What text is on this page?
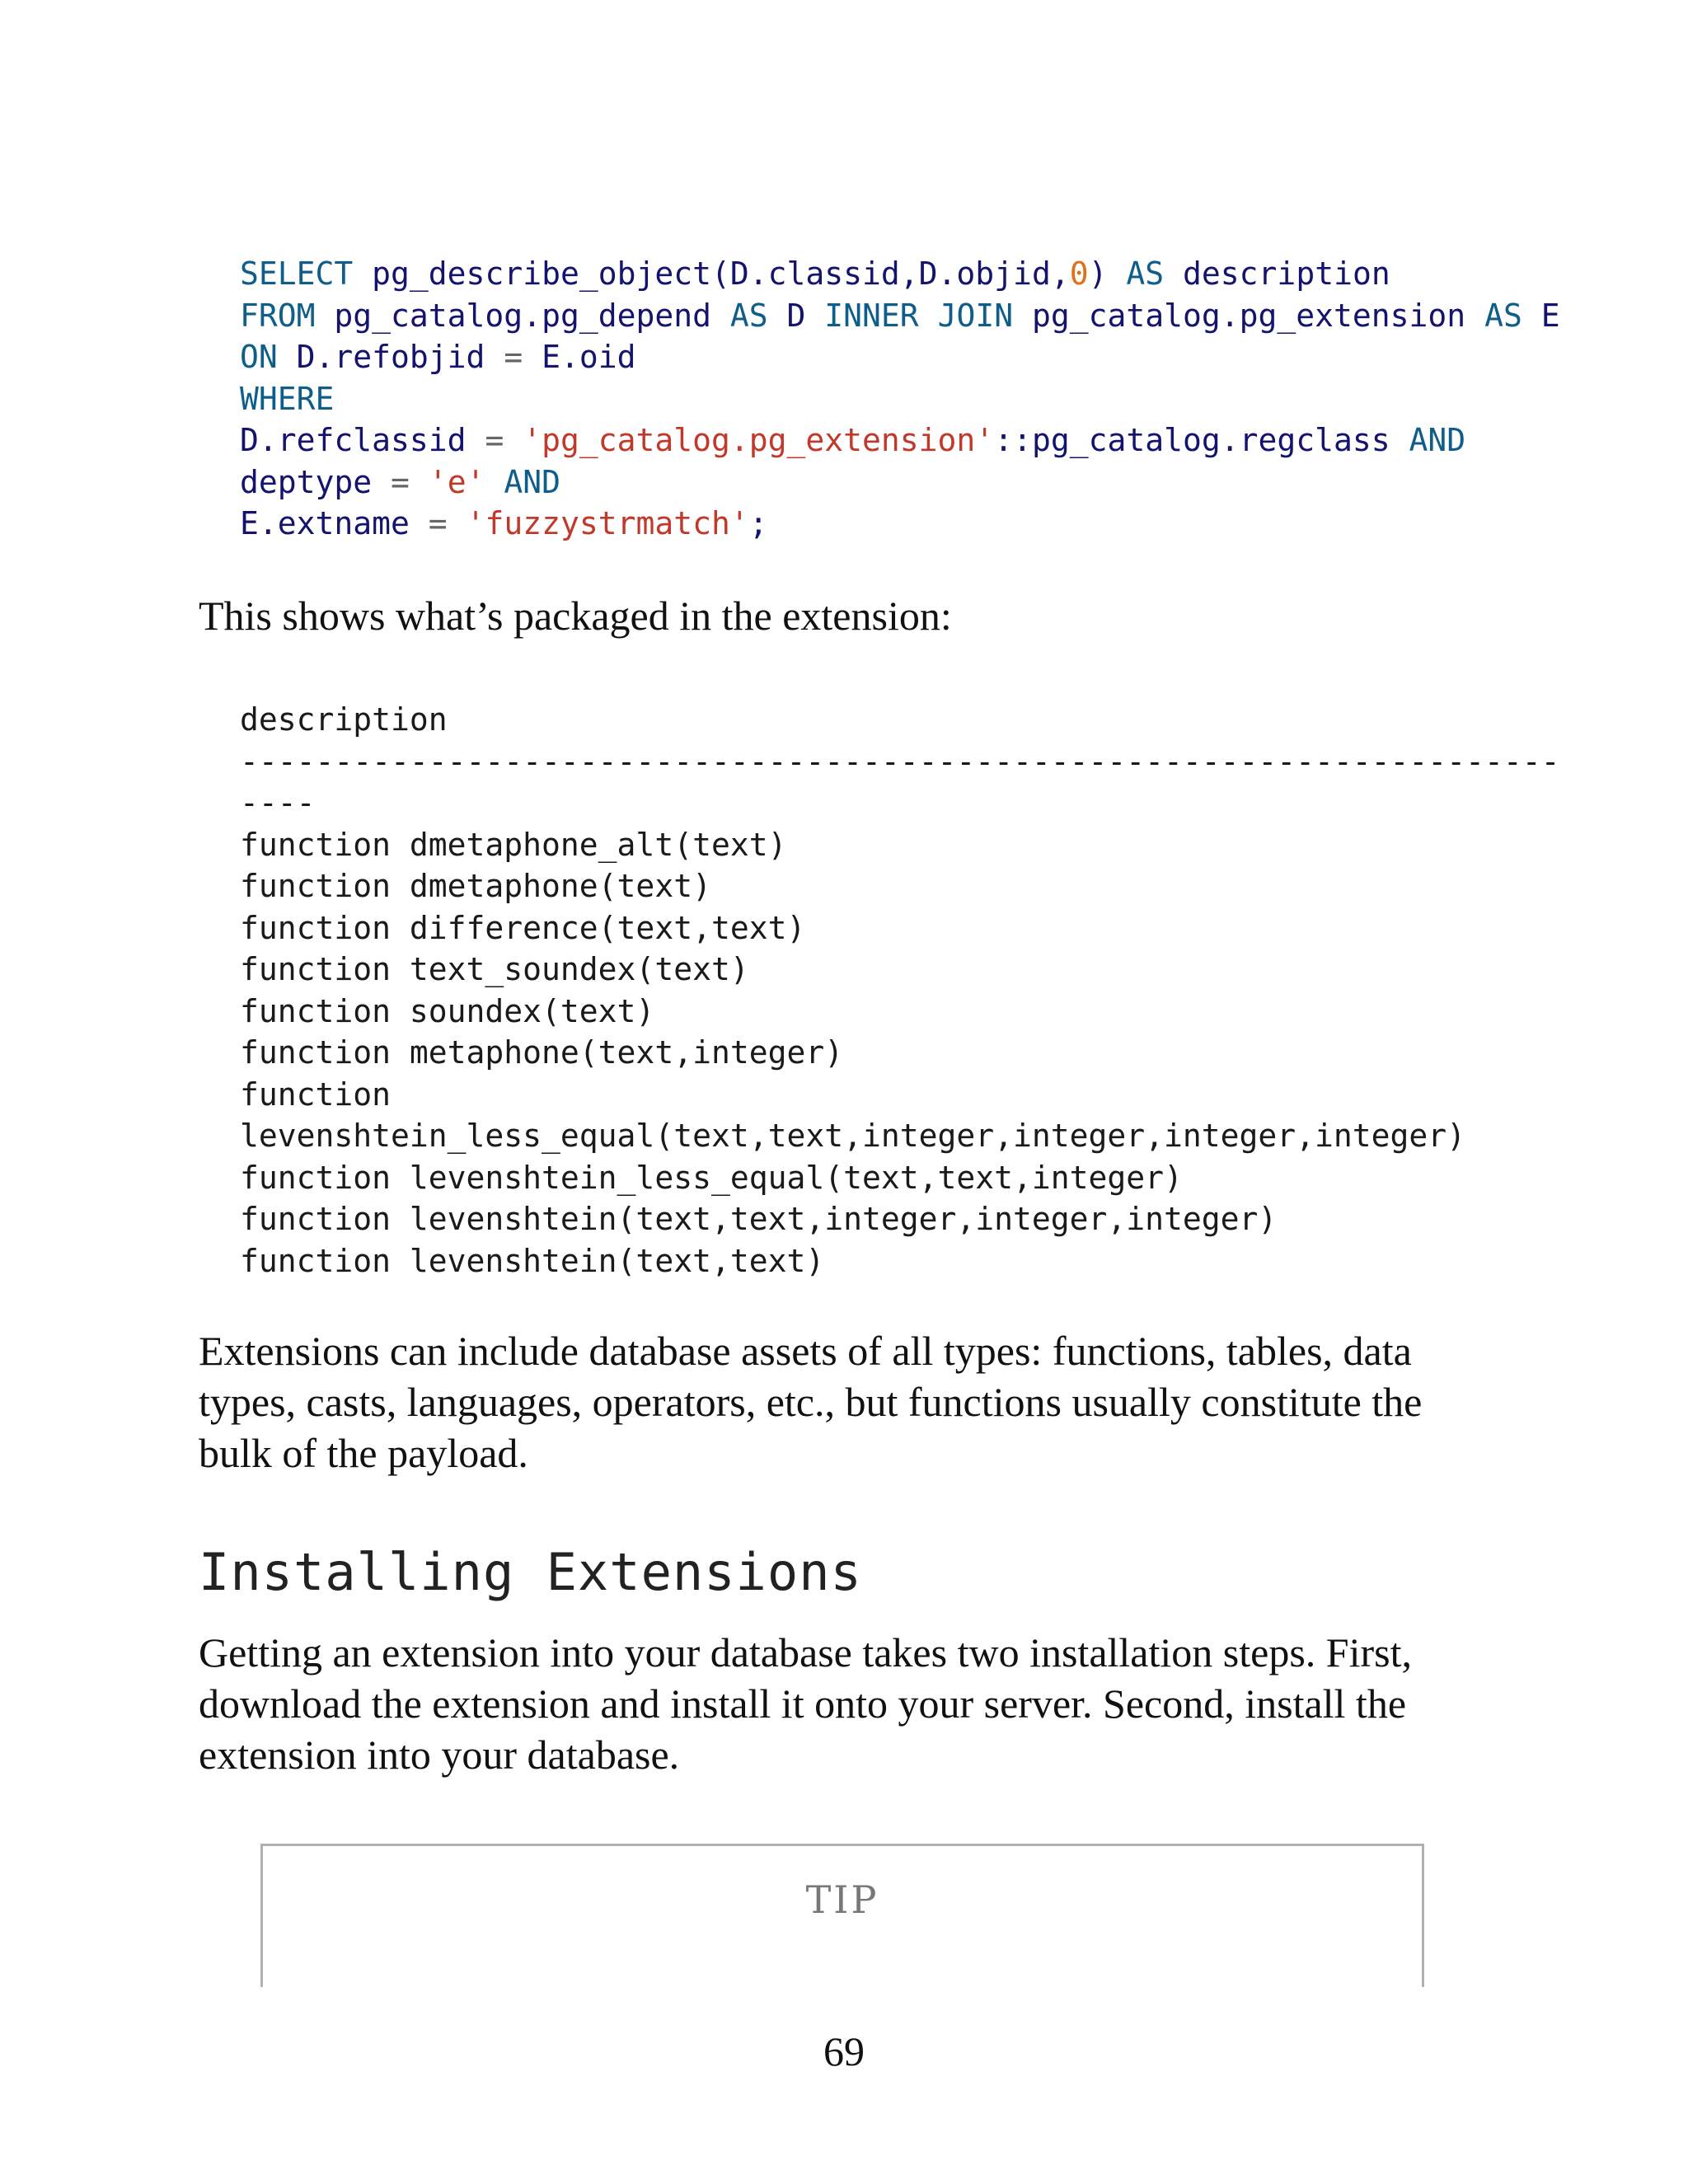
SELECT pg_describe_object(D.classid,D.objid,0) AS description
FROM pg_catalog.pg_depend AS D INNER JOIN pg_catalog.pg_extension AS E
ON D.refobjid = E.oid
WHERE
D.refclassid = 'pg_catalog.pg_extension'::pg_catalog.regclass AND
deptype = 'e' AND
E.extname = 'fuzzystrmatch';

This shows what’s packaged in the extension:

description
----------------------------------------------------------------------
----
function dmetaphone_alt(text)
function dmetaphone(text)
function difference(text,text)
function text_soundex(text)
function soundex(text)
function metaphone(text,integer)
function
levenshtein_less_equal(text,text,integer,integer,integer,integer)
function levenshtein_less_equal(text,text,integer)
function levenshtein(text,text,integer,integer,integer)
function levenshtein(text,text)

Extensions can include database assets of all types: functions, tables, data
types, casts, languages, operators, etc., but functions usually constitute the
bulk of the payload.

Installing Extensions

Getting an extension into your database takes two installation steps. First,
download the extension and install it onto your server. Second, install the
extension into your database.

TIP
69
